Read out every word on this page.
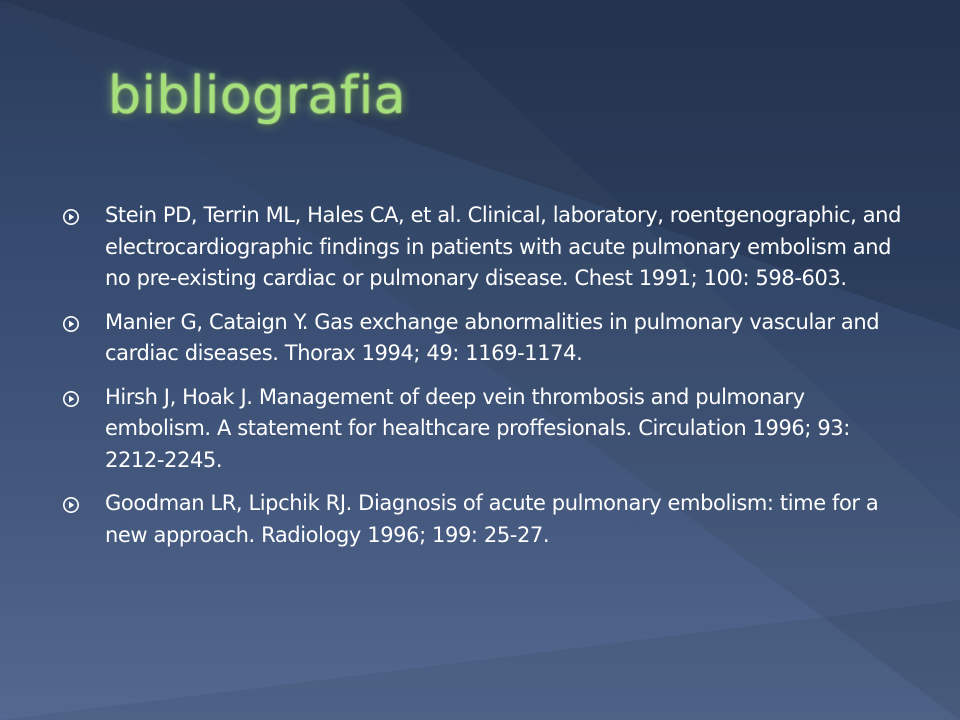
bibliografia
Stein PD, Terrin ML, Hales CA, et al. Clinical, laboratory, roentgenographic, and electrocardiographic findings in patients with acute pulmonary embolism and no pre-existing cardiac or pulmonary disease. Chest 1991; 100: 598-603.
Manier G, Cataign Y. Gas exchange abnormalities in pulmonary vascular and cardiac diseases. Thorax 1994; 49: 1169-1174.
Hirsh J, Hoak J. Management of deep vein thrombosis and pulmonary embolism. A statement for healthcare proffesionals. Circulation 1996; 93: 2212-2245.
Goodman LR, Lipchik RJ. Diagnosis of acute pulmonary embolism: time for a new approach. Radiology 1996; 199: 25-27.
